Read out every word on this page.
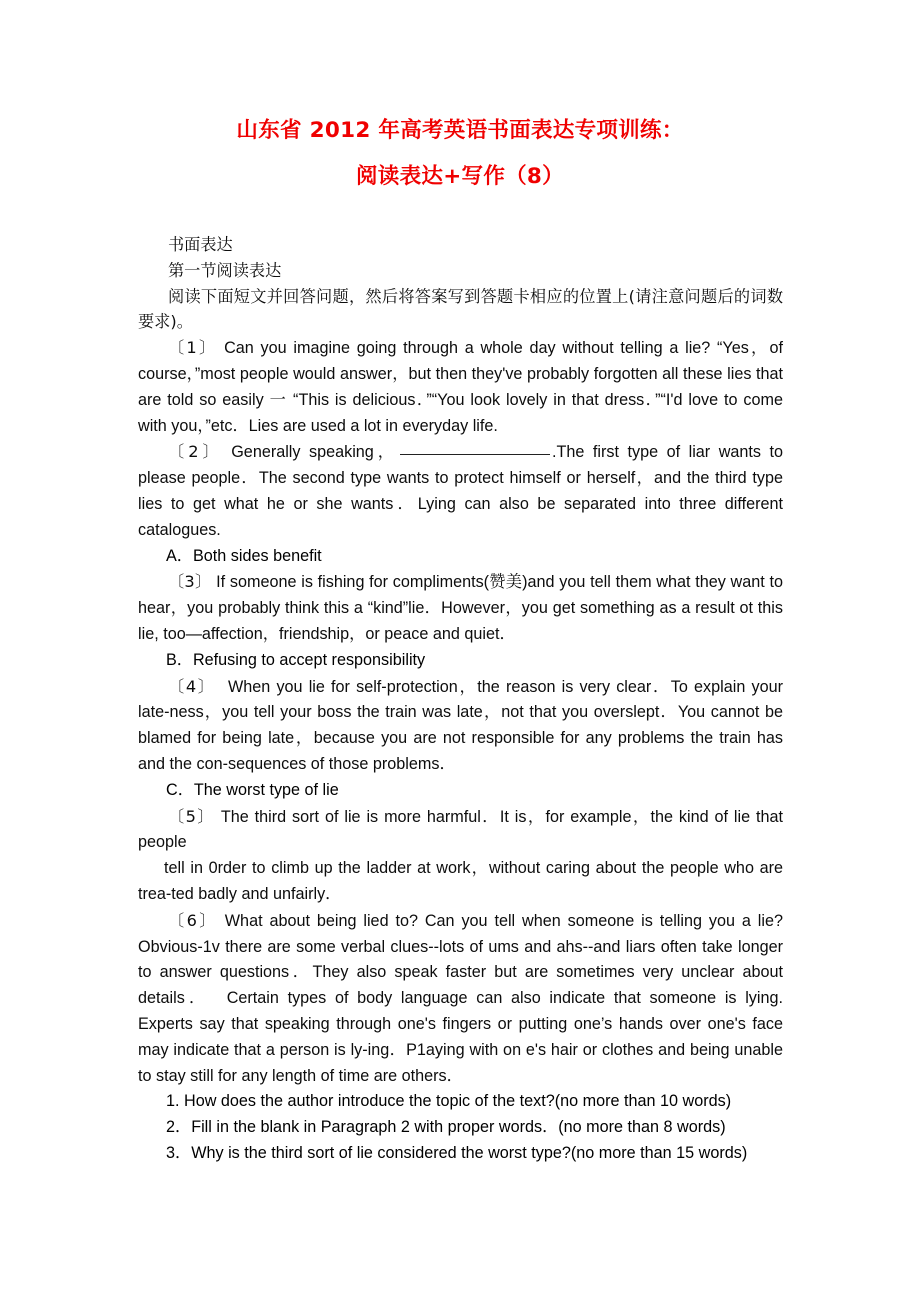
山东省 2012 年高考英语书面表达专项训练：
阅读表达+写作（8）
书面表达
第一节阅读表达
阅读下面短文并回答问题，然后将答案写到答题卡相应的位置上(请注意问题后的词数要求)。

〔1〕 Can you imagine going through a whole day without telling a lie? “Yes，of course，”most people would answer，but then they've probably forgotten all these lies that are told so easily 一 “This is delicious．”“You look lovely in that dress．”“I'd love to come with you，”etc．Lies are used a lot in everyday life.

〔2〕 Generally speaking，	.The first type of liar wants to please people．The second type wants to protect himself or herself，and the third type lies to get what he or she wants．Lying can also be separated into three different catalogues.

A．Both sides benefit

〔3〕 If someone is fishing for compliments(赞美)and you tell them what they want to hear，you probably think this a “kind”lie．However，you get something as a result ot this lie, too—affection，friendship，or peace and quiet．

B．Refusing to accept responsibility

〔4〕 When you lie for self-protection，the reason is very clear．To explain your late-ness，you tell your boss the train was late，not that you overslept．You cannot be blamed for being late，because you are not responsible for any problems the train has and the con-sequences of those problems．

C．The worst type of lie

〔5〕 The third sort of lie is more harmful．It is，for example，the kind of lie that people

tell in 0rder to climb up the ladder at work，without caring about the people who are trea-ted badly and unfairly．

〔6〕 What about being lied to? Can you tell when someone is telling you a lie? Obvious-1v there are some verbal clues--lots of ums and ahs--and liars often take longer to answer questions．They also speak faster but are sometimes very unclear about details．  Certain types of body language can also indicate that someone is lying.  Experts say that speaking through one's fingers or putting one’s hands over one's face may indicate that a person is ly-ing．P1aying with on e's hair or clothes and being unable to stay still for any length of time are others．

1. How does the author introduce the topic of the text?(no more than 10 words)

2．Fill in the blank in Paragraph 2 with proper words．(no more than 8 words)

3．Why is the third sort of lie considered the worst type?(no more than 15 words)
